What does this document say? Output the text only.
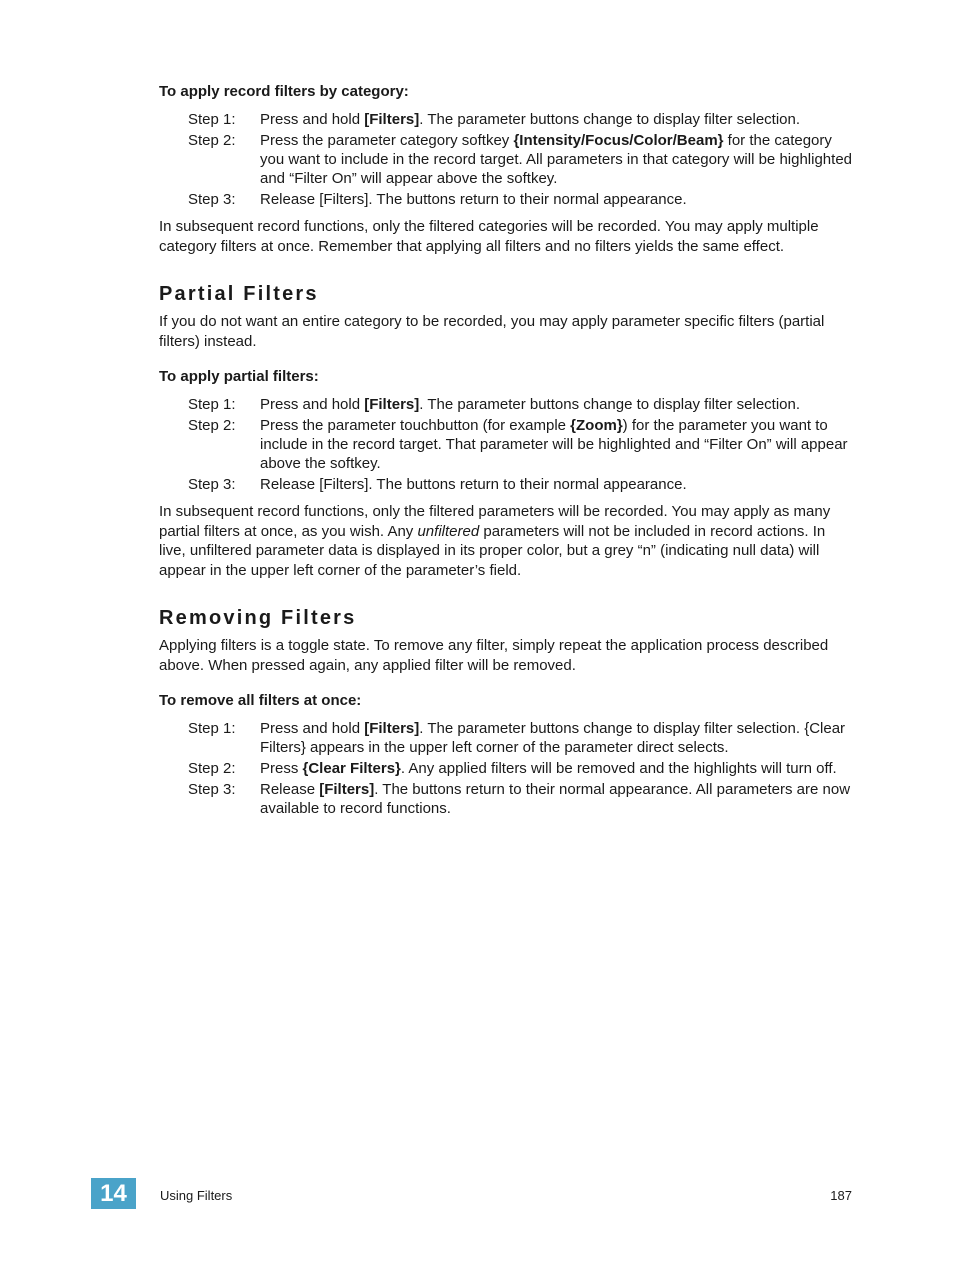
To apply record filters by category:
Step 1:	Press and hold [Filters]. The parameter buttons change to display filter selection.
Step 2:	Press the parameter category softkey {Intensity/Focus/Color/Beam} for the category you want to include in the record target. All parameters in that category will be highlighted and “Filter On” will appear above the softkey.
Step 3:	Release [Filters]. The buttons return to their normal appearance.

In subsequent record functions, only the filtered categories will be recorded. You may apply multiple category filters at once. Remember that applying all filters and no filters yields the same effect.

Partial Filters

If you do not want an entire category to be recorded, you may apply parameter specific filters (partial filters) instead.

To apply partial filters:
Step 1:	Press and hold [Filters]. The parameter buttons change to display filter selection.
Step 2:	Press the parameter touchbutton (for example {Zoom}) for the parameter you want to include in the record target. That parameter will be highlighted and “Filter On” will appear above the softkey.
Step 3:	Release [Filters]. The buttons return to their normal appearance.

In subsequent record functions, only the filtered parameters will be recorded. You may apply as many partial filters at once, as you wish. Any unfiltered parameters will not be included in record actions. In live, unfiltered parameter data is displayed in its proper color, but a grey “n” (indicating null data) will appear in the upper left corner of the parameter’s field.

Removing Filters

Applying filters is a toggle state. To remove any filter, simply repeat the application process described above. When pressed again, any applied filter will be removed.

To remove all filters at once:
Step 1:	Press and hold [Filters]. The parameter buttons change to display filter selection. {Clear Filters} appears in the upper left corner of the parameter direct selects.
Step 2:	Press {Clear Filters}. Any applied filters will be removed and the highlights will turn off.
Step 3:	Release [Filters]. The buttons return to their normal appearance. All parameters are now available to record functions.
14	Using Filters	187
